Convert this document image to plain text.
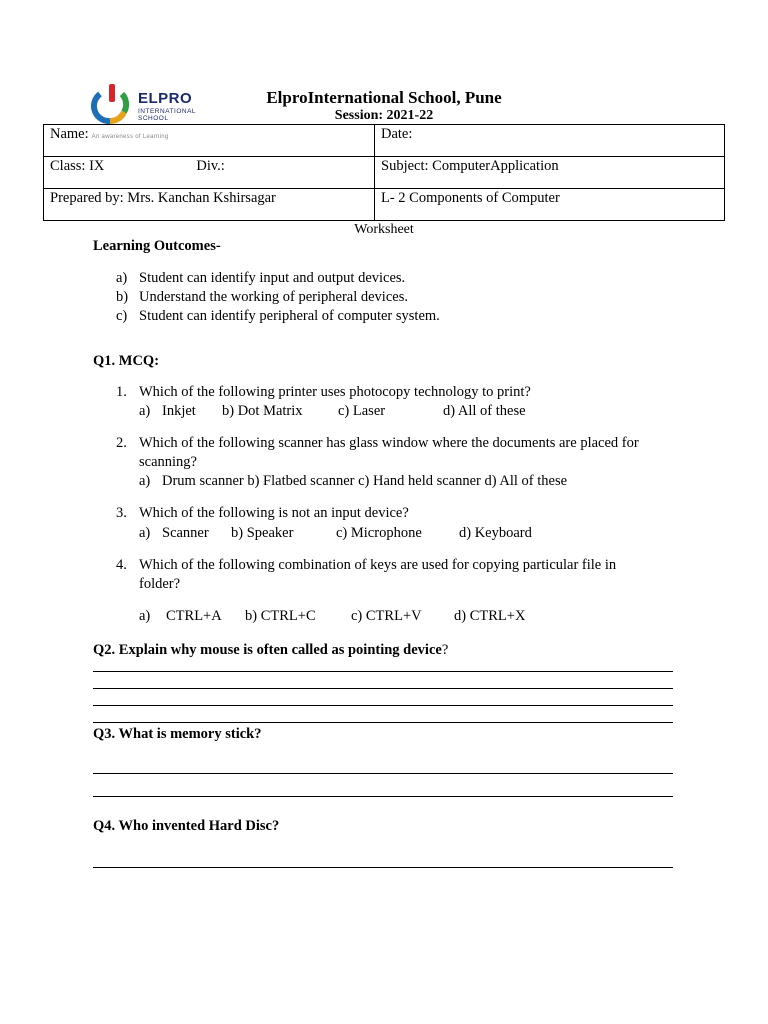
ELPRO
INTERNATIONAL
SCHOOL
ElproInternational School, Pune
Session: 2021-22
Name: An awareness of Learning	Date:
Class: IX Div.:	Subject: ComputerApplication
Prepared by: Mrs. Kanchan Kshirsagar	L- 2 Components of Computer
Worksheet
Learning Outcomes-
a) Student can identify input and output devices.
b) Understand the working of peripheral devices.
c) Student can identify peripheral of computer system.
Q1. MCQ:
1. Which of the following printer uses photocopy technology to print?
a) Inkjet b) Dot Matrix c) Laser	d) All of these
2. Which of the following scanner has glass window where the documents are placed for
scanning?
a) Drum scanner b) Flatbed scanner c) Hand held scanner d) All of these
3. Which of the following is not an input device?
a) Scanner b) Speaker	c) Microphone	d) Keyboard
4. Which of the following combination of keys are used for copying particular file in
folder?
a) CTRL+A b) CTRL+C c) CTRL+V d) CTRL+X
Q2. Explain why mouse is often called as pointing device?
Q3. What is memory stick?
Q4. Who invented Hard Disc?
